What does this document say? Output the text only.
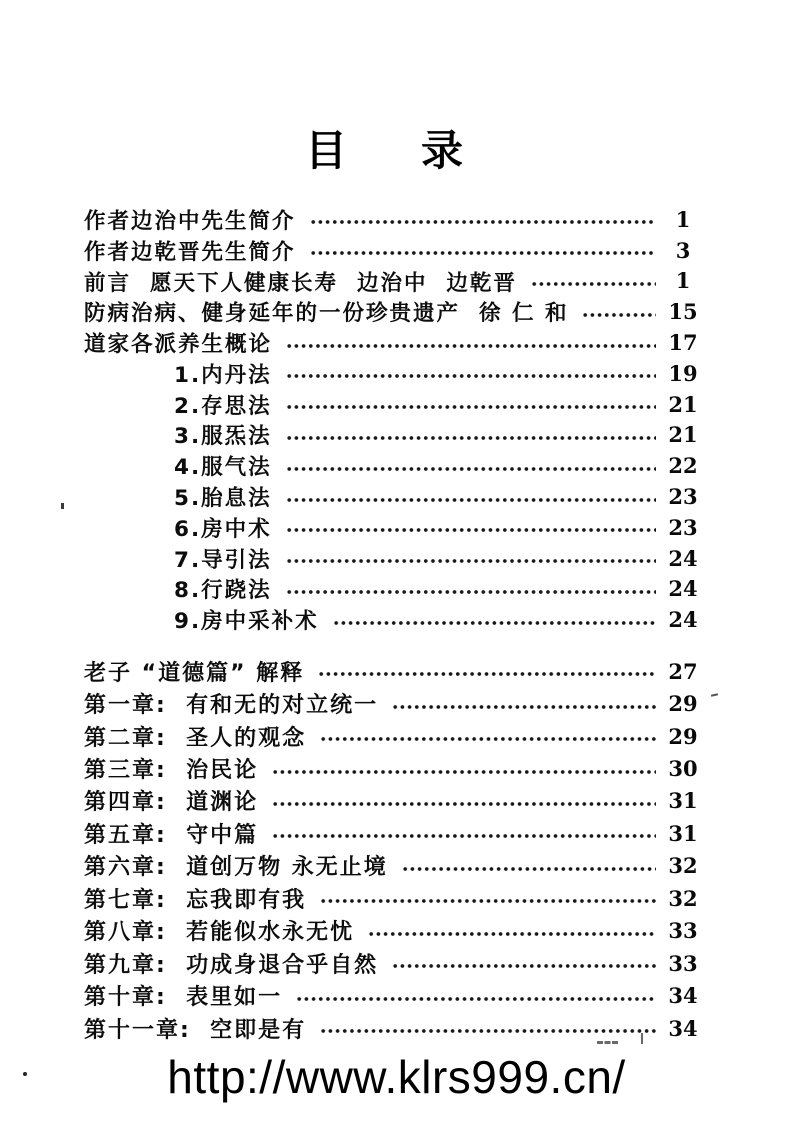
目 录
作者边治中先生简介	1
作者边乾晋先生简介	3
前言  愿天下人健康长寿  边治中  边乾晋	1
防病治病、健身延年的一份珍贵遗产  徐 仁 和	15
道家各派养生概论	17
1.内丹法	19
2.存思法	21
3.服炁法	21
4.服气法	22
5.胎息法	23
6.房中术	23
7.导引法	24
8.行跷法	24
9.房中采补术	24
老子 “道德篇” 解释	27
第一章:  有和无的对立统一	29
第二章:  圣人的观念	29
第三章:  治民论	30
第四章:  道渊论	31
第五章:  守中篇	31
第六章:  道创万物 永无止境	32
第七章:  忘我即有我	32
第八章:  若能似水永无忧	33
第九章:  功成身退合乎自然	33
第十章:  表里如一	34
第十一章:  空即是有	34
http://www.klrs999.cn/
